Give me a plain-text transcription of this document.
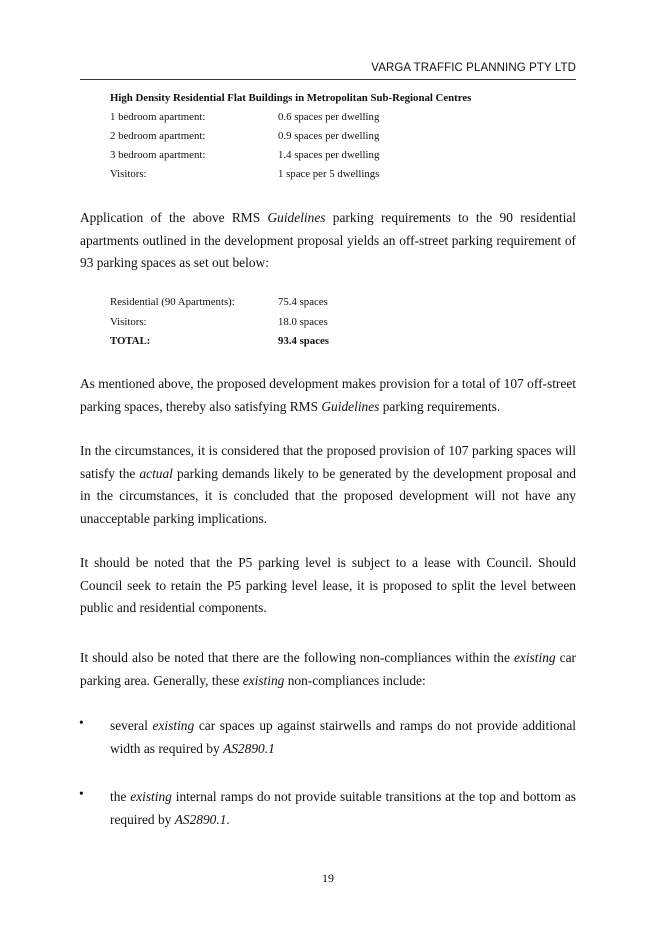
VARGA TRAFFIC PLANNING PTY LTD
High Density Residential Flat Buildings in Metropolitan Sub-Regional Centres
1 bedroom apartment:	0.6 spaces per dwelling
2 bedroom apartment:	0.9 spaces per dwelling
3 bedroom apartment:	1.4 spaces per dwelling
Visitors:	1 space per 5 dwellings
Application of the above RMS Guidelines parking requirements to the 90 residential apartments outlined in the development proposal yields an off-street parking requirement of 93 parking spaces as set out below:
Residential (90 Apartments):	75.4 spaces
Visitors:	18.0 spaces
TOTAL:	93.4 spaces
As mentioned above, the proposed development makes provision for a total of 107 off-street parking spaces, thereby also satisfying RMS Guidelines parking requirements.
In the circumstances, it is considered that the proposed provision of 107 parking spaces will satisfy the actual parking demands likely to be generated by the development proposal and in the circumstances, it is concluded that the proposed development will not have any unacceptable parking implications.
It should be noted that the P5 parking level is subject to a lease with Council. Should Council seek to retain the P5 parking level lease, it is proposed to split the level between public and residential components.
It should also be noted that there are the following non-compliances within the existing car parking area. Generally, these existing non-compliances include:
• several existing car spaces up against stairwells and ramps do not provide additional width as required by AS2890.1
• the existing internal ramps do not provide suitable transitions at the top and bottom as required by AS2890.1.
19
